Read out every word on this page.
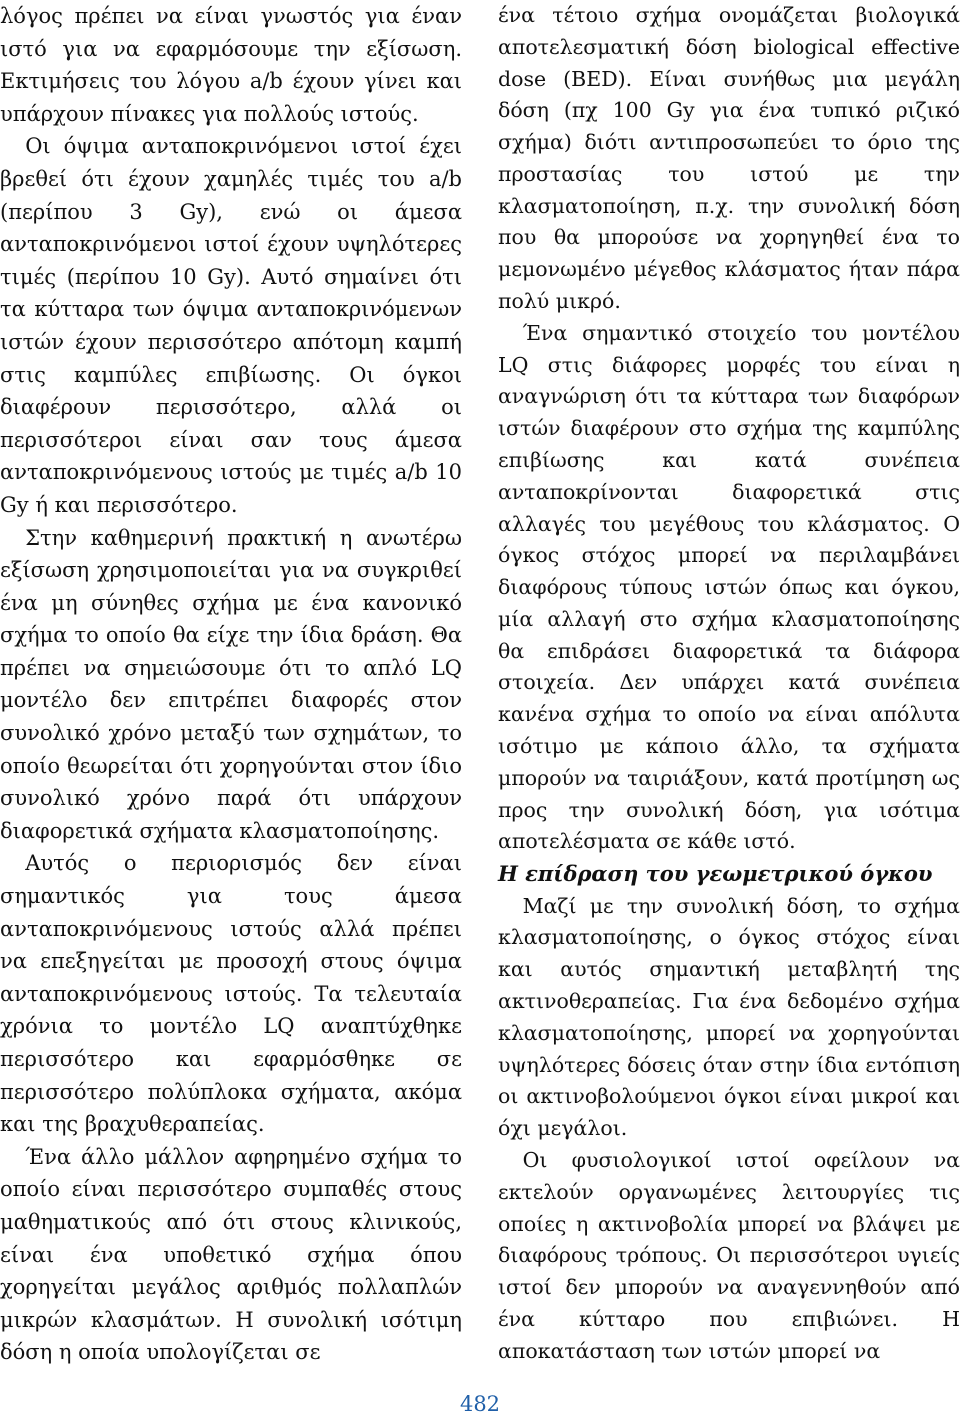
λόγος πρέπει να είναι γνωστός για έναν ιστό για να εφαρμόσουμε την εξίσωση. Εκτιμήσεις του λόγου a/b έχουν γίνει και υπάρχουν πίνακες για πολλούς ιστούς.

Οι όψιμα ανταποκρινόμενοι ιστοί έχει βρεθεί ότι έχουν χαμηλές τιμές του a/b (περίπου 3 Gy), ενώ οι άμεσα ανταποκρινόμενοι ιστοί έχουν υψηλότερες τιμές (περίπου 10 Gy). Αυτό σημαίνει ότι τα κύτταρα των όψιμα ανταποκρινόμενων ιστών έχουν περισσότερο απότομη καμπή στις καμπύλες επιβίωσης. Οι όγκοι διαφέρουν περισσότερο, αλλά οι περισσότεροι είναι σαν τους άμεσα ανταποκρινόμενους ιστούς με τιμές a/b 10 Gy ή και περισσότερο.

Στην καθημερινή πρακτική η ανωτέρω εξίσωση χρησιμοποιείται για να συγκριθεί ένα μη σύνηθες σχήμα με ένα κανονικό σχήμα το οποίο θα είχε την ίδια δράση. Θα πρέπει να σημειώσουμε ότι το απλό LQ μοντέλο δεν επιτρέπει διαφορές στον συνολικό χρόνο μεταξύ των σχημάτων, το οποίο θεωρείται ότι χορηγούνται στον ίδιο συνολικό χρόνο παρά ότι υπάρχουν διαφορετικά σχήματα κλασματοποίησης.

Αυτός ο περιορισμός δεν είναι σημαντικός για τους άμεσα ανταποκρινόμενους ιστούς αλλά πρέπει να επεξηγείται με προσοχή στους όψιμα ανταποκρινόμενους ιστούς. Τα τελευταία χρόνια το μοντέλο LQ αναπτύχθηκε περισσότερο και εφαρμόσθηκε σε περισσότερο πολύπλοκα σχήματα, ακόμα και της βραχυθεραπείας.

Ένα άλλο μάλλον αφηρημένο σχήμα το οποίο είναι περισσότερο συμπαθές στους μαθηματικούς από ότι στους κλινικούς, είναι ένα υποθετικό σχήμα όπου χορηγείται μεγάλος αριθμός πολλαπλών μικρών κλασμάτων. Η συνολική ισότιμη δόση η οποία υπολογίζεται σε

ένα τέτοιο σχήμα ονομάζεται βιολογικά αποτελεσματική δόση biological effective dose (BED). Είναι συνήθως μια μεγάλη δόση (πχ 100 Gy για ένα τυπικό ριζικό σχήμα) διότι αντιπροσωπεύει το όριο της προστασίας του ιστού με την κλασματοποίηση, π.χ. την συνολική δόση που θα μπορούσε να χορηγηθεί ένα το μεμονωμένο μέγεθος κλάσματος ήταν πάρα πολύ μικρό.

Ένα σημαντικό στοιχείο του μοντέλου LQ στις διάφορες μορφές του είναι η αναγνώριση ότι τα κύτταρα των διαφόρων ιστών διαφέρουν στο σχήμα της καμπύλης επιβίωσης και κατά συνέπεια ανταποκρίνονται διαφορετικά στις αλλαγές του μεγέθους του κλάσματος. Ο όγκος στόχος μπορεί να περιλαμβάνει διαφόρους τύπους ιστών όπως και όγκου, μία αλλαγή στο σχήμα κλασματοποίησης θα επιδράσει διαφορετικά τα διάφορα στοιχεία. Δεν υπάρχει κατά συνέπεια κανένα σχήμα το οποίο να είναι απόλυτα ισότιμο με κάποιο άλλο, τα σχήματα μπορούν να ταιριάξουν, κατά προτίμηση ως προς την συνολική δόση, για ισότιμα αποτελέσματα σε κάθε ιστό.

Η επίδραση του γεωμετρικού όγκου

Μαζί με την συνολική δόση, το σχήμα κλασματοποίησης, ο όγκος στόχος είναι και αυτός σημαντική μεταβλητή της ακτινοθεραπείας. Για ένα δεδομένο σχήμα κλασματοποίησης, μπορεί να χορηγούνται υψηλότερες δόσεις όταν στην ίδια εντόπιση οι ακτινοβολούμενοι όγκοι είναι μικροί και όχι μεγάλοι.

Οι φυσιολογικοί ιστοί οφείλουν να εκτελούν οργανωμένες λειτουργίες τις οποίες η ακτινοβολία μπορεί να βλάψει με διαφόρους τρόπους. Οι περισσότεροι υγιείς ιστοί δεν μπορούν να αναγεννηθούν από ένα κύτταρο που επιβιώνει. Η αποκατάσταση των ιστών μπορεί να

482
